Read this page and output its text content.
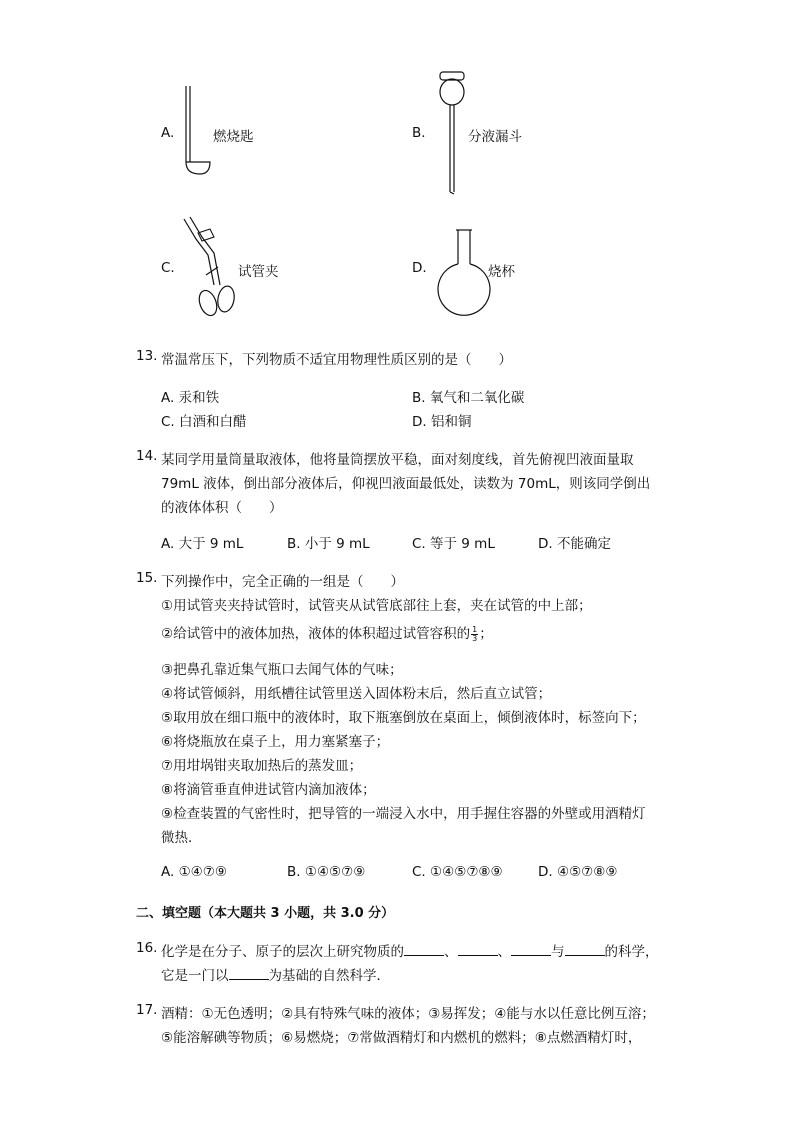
A.	燃烧匙	B.	分液漏斗
C.	试管夹	D.	烧杯
13. 常温常压下，下列物质不适宜用物理性质区别的是（　　）
A. 汞和铁	B. 氧气和二氧化碳
C. 白酒和白醋	D. 铝和铜
14. 某同学用量筒量取液体，他将量筒摆放平稳，面对刻度线，首先俯视凹液面量取
79mL 液体，倒出部分液体后，仰视凹液面最低处，读数为 70mL，则该同学倒出
的液体体积（　　）
A. 大于 9 mL	B. 小于 9 mL	C. 等于 9 mL	D. 不能确定
15. 下列操作中，完全正确的一组是（　　）
①用试管夹夹持试管时，试管夹从试管底部往上套，夹在试管的中上部；
②给试管中的液体加热，液体的体积超过试管容积的 $\frac{1}{3}$ ；
③把鼻孔靠近集气瓶口去闻气体的气味；
④将试管倾斜，用纸槽往试管里送入固体粉末后，然后直立试管；
⑤取用放在细口瓶中的液体时，取下瓶塞倒放在桌面上，倾倒液体时，标签向下；
⑥将烧瓶放在桌子上，用力塞紧塞子；
⑦用坩埚钳夹取加热后的蒸发皿；
⑧将滴管垂直伸进试管内滴加液体；
⑨检查装置的气密性时，把导管的一端浸入水中，用手握住容器的外壁或用酒精灯
微热．
A. ①④⑦⑨	B. ①④⑤⑦⑨	C. ①④⑤⑦⑧⑨	D. ④⑤⑦⑧⑨
二、填空题（本大题共 3 小题，共 3.0 分）
16. 化学是在分子、原子的层次上研究物质的	、	、	与	的科学，
它是一门以	为基础的自然科学．
17. 酒精：①无色透明；②具有特殊气味的液体；③易挥发；④能与水以任意比例互溶；
⑤能溶解碘等物质；⑥易燃烧；⑦常做酒精灯和内燃机的燃料；⑧点燃酒精灯时，
